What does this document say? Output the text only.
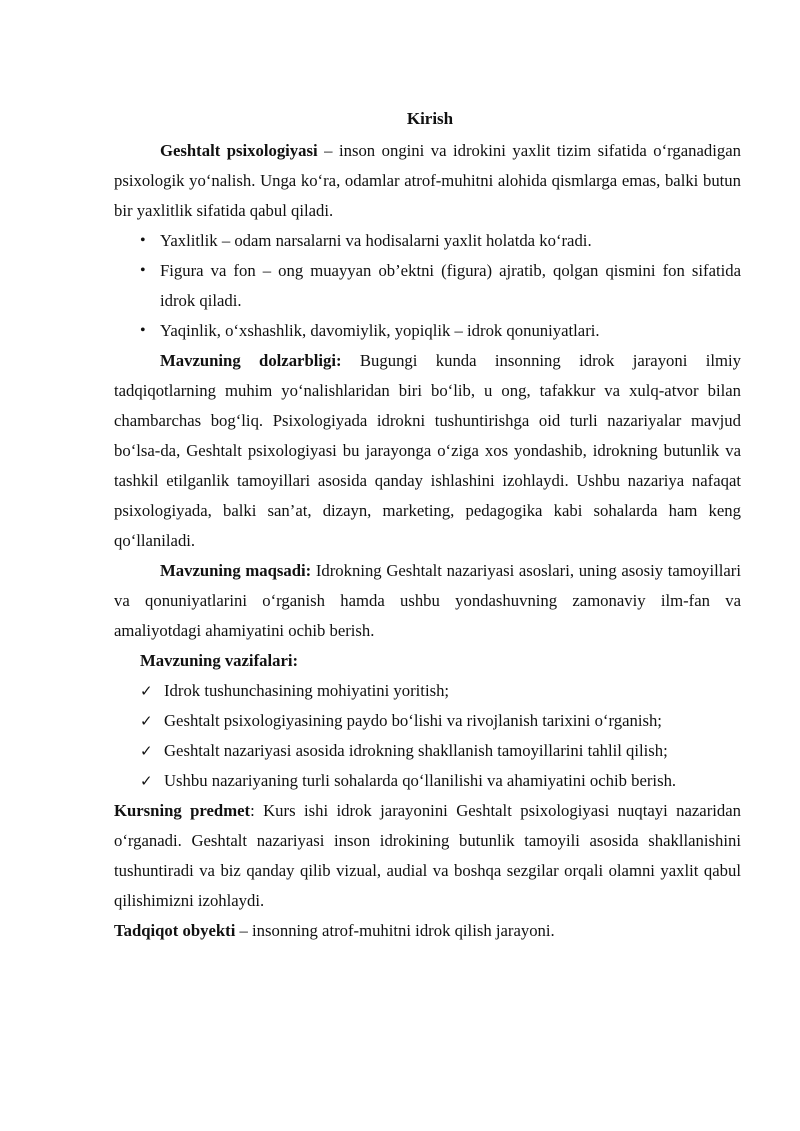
Kirish

Geshtalt psixologiyasi – inson ongini va idrokini yaxlit tizim sifatida o‘rganadigan psixologik yo‘nalish. Unga ko‘ra, odamlar atrof-muhitni alohida qismlarga emas, balki butun bir yaxlitlik sifatida qabul qiladi.

• Yaxlitlik – odam narsalarni va hodisalarni yaxlit holatda ko‘radi.
• Figura va fon – ong muayyan ob’ektni (figura) ajratib, qolgan qismini fon sifatida idrok qiladi.
• Yaqinlik, o‘xshashlik, davomiylik, yopiqlik – idrok qonuniyatlari.

Mavzuning dolzarbligi: Bugungi kunda insonning idrok jarayoni ilmiy tadqiqotlarning muhim yo‘nalishlaridan biri bo‘lib, u ong, tafakkur va xulq-atvor bilan chambarchas bog‘liq. Psixologiyada idrokni tushuntirishga oid turli nazariyalar mavjud bo‘lsa-da, Geshtalt psixologiyasi bu jarayonga o‘ziga xos yondashib, idrokning butunlik va tashkil etilganlik tamoyillari asosida qanday ishlashini izohlaydi. Ushbu nazariya nafaqat psixologiyada, balki san’at, dizayn, marketing, pedagogika kabi sohalarda ham keng qo‘llaniladi.

Mavzuning maqsadi: Idrokning Geshtalt nazariyasi asoslari, uning asosiy tamoyillari va qonuniyatlarini o‘rganish hamda ushbu yondashuvning zamonaviy ilm-fan va amaliyotdagi ahamiyatini ochib berish.

Mavzuning vazifalari:

✓ Idrok tushunchasining mohiyatini yoritish;
✓ Geshtalt psixologiyasining paydo bo‘lishi va rivojlanish tarixini o‘rganish;
✓ Geshtalt nazariyasi asosida idrokning shakllanish tamoyillarini tahlil qilish;
✓ Ushbu nazariyaning turli sohalarda qo‘llanilishi va ahamiyatini ochib berish.

Kursning predmet: Kurs ishi idrok jarayonini Geshtalt psixologiyasi nuqtayi nazaridan o‘rganadi. Geshtalt nazariyasi inson idrokining butunlik tamoyili asosida shakllanishini tushuntiradi va biz qanday qilib vizual, audial va boshqa sezgilar orqali olamni yaxlit qabul qilishimizni izohlaydi.

Tadqiqot obyekti – insonning atrof-muhitni idrok qilish jarayoni.
